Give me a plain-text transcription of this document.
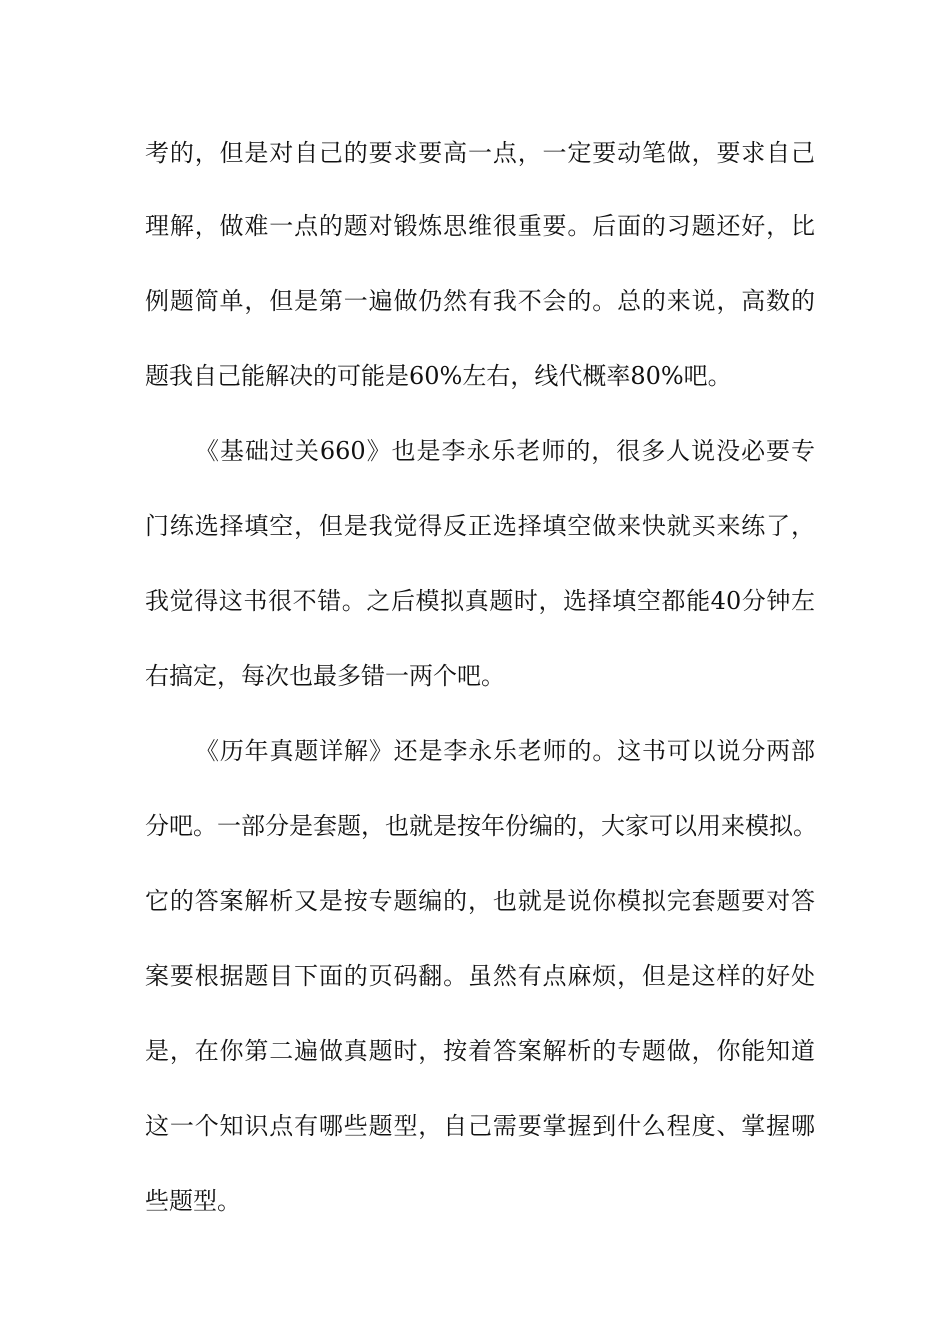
考的，但是对自己的要求要高一点，一定要动笔做，要求自己
理解，做难一点的题对锻炼思维很重要。后面的习题还好，比
例题简单，但是第一遍做仍然有我不会的。总的来说，高数的
题我自己能解决的可能是60%左右，线代概率80%吧。
《基础过关660》也是李永乐老师的，很多人说没必要专
门练选择填空，但是我觉得反正选择填空做来快就买来练了，
我觉得这书很不错。之后模拟真题时，选择填空都能40分钟左
右搞定，每次也最多错一两个吧。
《历年真题详解》还是李永乐老师的。这书可以说分两部
分吧。一部分是套题，也就是按年份编的，大家可以用来模拟。
它的答案解析又是按专题编的，也就是说你模拟完套题要对答
案要根据题目下面的页码翻。虽然有点麻烦，但是这样的好处
是，在你第二遍做真题时，按着答案解析的专题做，你能知道
这一个知识点有哪些题型，自己需要掌握到什么程度、掌握哪
些题型。
